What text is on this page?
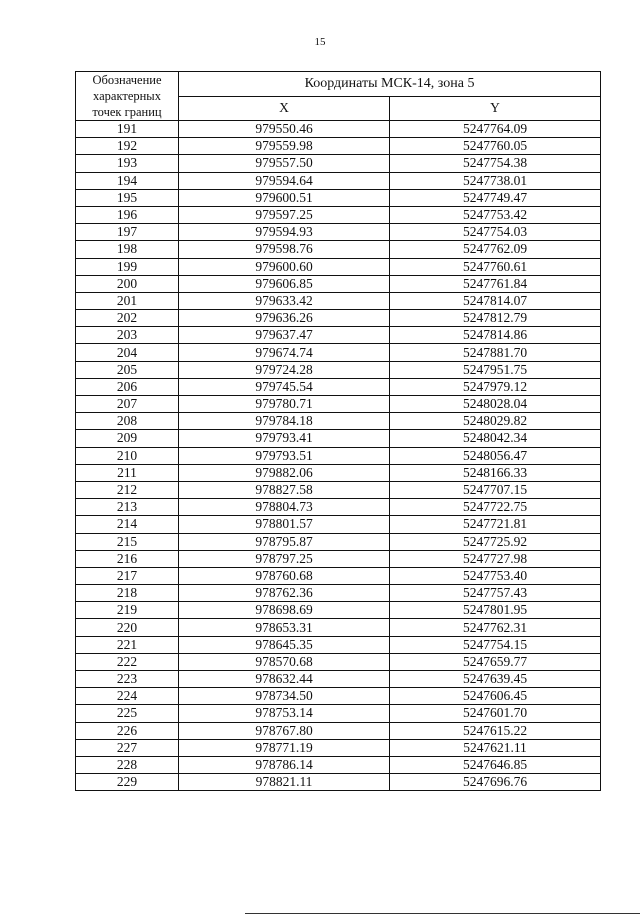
15
Обозначение
характерных
точек границ	Координаты МСК-14, зона 5	
	X	Y
191	979550.46	5247764.09
192	979559.98	5247760.05
193	979557.50	5247754.38
194	979594.64	5247738.01
195	979600.51	5247749.47
196	979597.25	5247753.42
197	979594.93	5247754.03
198	979598.76	5247762.09
199	979600.60	5247760.61
200	979606.85	5247761.84
201	979633.42	5247814.07
202	979636.26	5247812.79
203	979637.47	5247814.86
204	979674.74	5247881.70
205	979724.28	5247951.75
206	979745.54	5247979.12
207	979780.71	5248028.04
208	979784.18	5248029.82
209	979793.41	5248042.34
210	979793.51	5248056.47
211	979882.06	5248166.33
212	978827.58	5247707.15
213	978804.73	5247722.75
214	978801.57	5247721.81
215	978795.87	5247725.92
216	978797.25	5247727.98
217	978760.68	5247753.40
218	978762.36	5247757.43
219	978698.69	5247801.95
220	978653.31	5247762.31
221	978645.35	5247754.15
222	978570.68	5247659.77
223	978632.44	5247639.45
224	978734.50	5247606.45
225	978753.14	5247601.70
226	978767.80	5247615.22
227	978771.19	5247621.11
228	978786.14	5247646.85
229	978821.11	5247696.76
